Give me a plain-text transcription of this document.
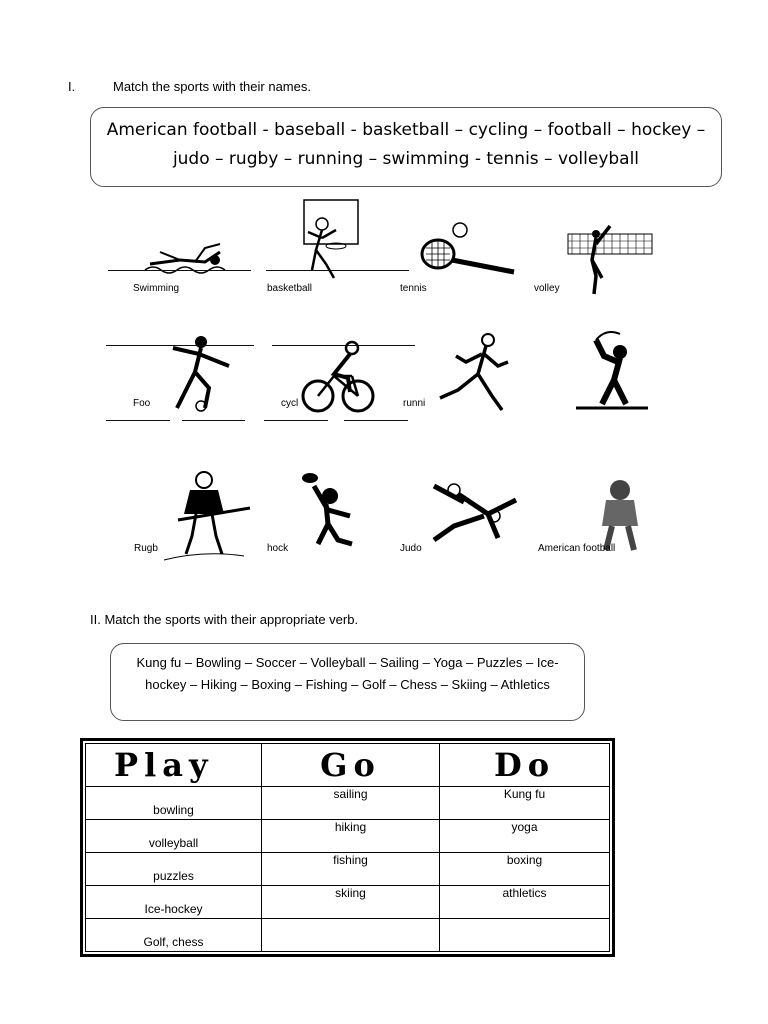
I.	Match the sports with their names.
American football - baseball - basketball – cycling – football – hockey –
judo – rugby – running – swimming - tennis – volleyball
Swimming	basketball	tennis	volley
Foo	cycl	runni
Rugb	hock	Judo	American football
II. Match the sports with their appropriate verb.
Kung fu – Bowling – Soccer – Volleyball – Sailing – Yoga – Puzzles – Ice-
hockey – Hiking – Boxing – Fishing – Golf – Chess – Skiing – Athletics
Play	Go	Do
bowling	sailing	Kung fu
volleyball	hiking	yoga
puzzles	fishing	boxing
Ice-hockey	skiing	athletics
Golf, chess		
